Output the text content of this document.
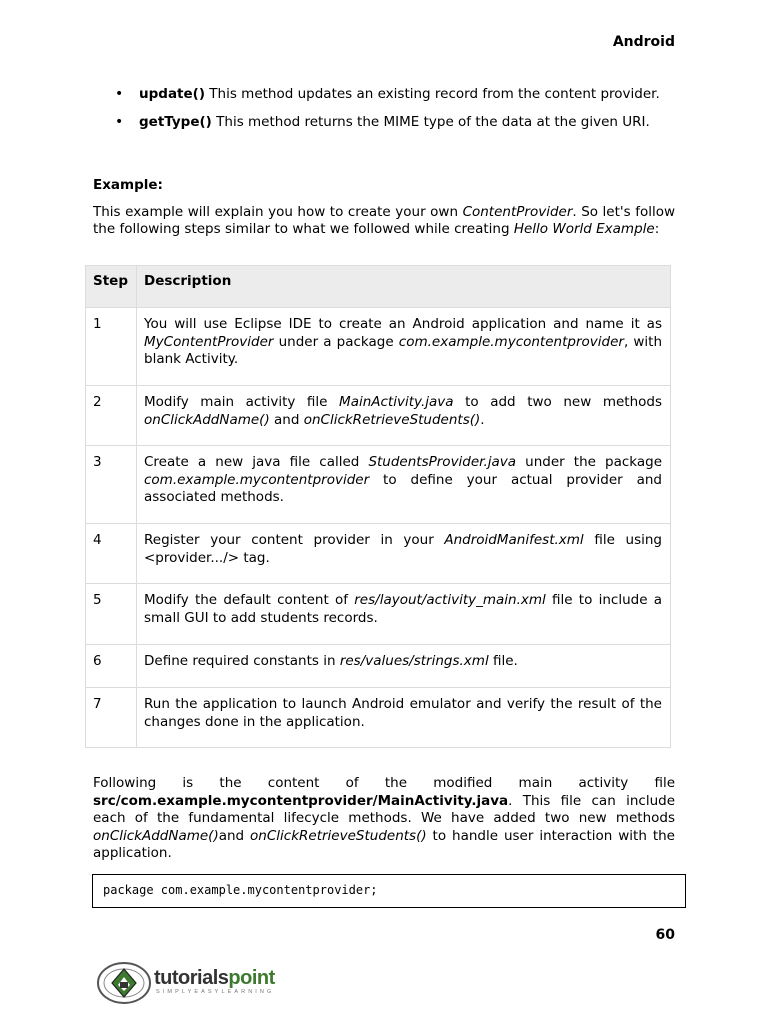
Android
• update() This method updates an existing record from the content provider.
• getType() This method returns the MIME type of the data at the given URI.
Example:

This example will explain you how to create your own ContentProvider. So let's follow the following steps similar to what we followed while creating Hello World Example:

Step	Description
1	You will use Eclipse IDE to create an Android application and name it as MyContentProvider under a package com.example.mycontentprovider, with blank Activity.
2	Modify main activity file MainActivity.java to add two new methods onClickAddName() and onClickRetrieveStudents().
3	Create a new java file called StudentsProvider.java under the package com.example.mycontentprovider to define your actual provider and associated methods.
4	Register your content provider in your AndroidManifest.xml file using <provider.../> tag.
5	Modify the default content of res/layout/activity_main.xml file to include a small GUI to add students records.
6	Define required constants in res/values/strings.xml file.
7	Run the application to launch Android emulator and verify the result of the changes done in the application.

Following is the content of the modified main activity file src/com.example.mycontentprovider/MainActivity.java. This file can include each of the fundamental lifecycle methods. We have added two new methods onClickAddName()and onClickRetrieveStudents() to handle user interaction with the application.

package com.example.mycontentprovider;
60
tutorialspoint
SIMPLYEASYLEARNING
